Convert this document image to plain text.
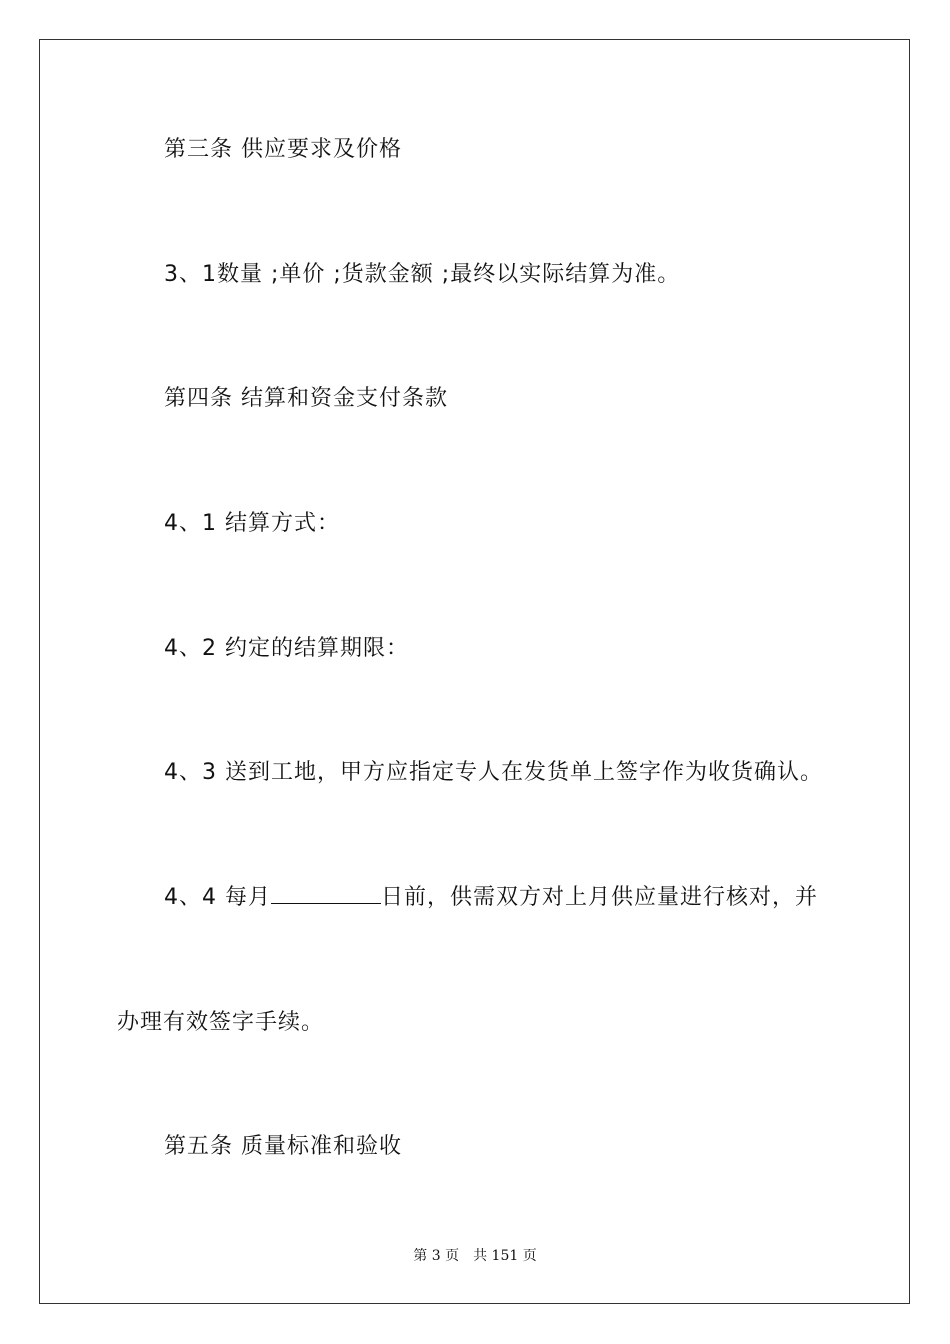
第三条 供应要求及价格
3、1数量 ;单价 ;货款金额 ;最终以实际结算为准。
第四条 结算和资金支付条款
4、1 结算方式：
4、2 约定的结算期限：
4、3 送到工地，甲方应指定专人在发货单上签字作为收货确认。
4、4 每月	日前，供需双方对上月供应量进行核对，并
办理有效签字手续。
第五条 质量标准和验收
第 3 页 共 151 页
